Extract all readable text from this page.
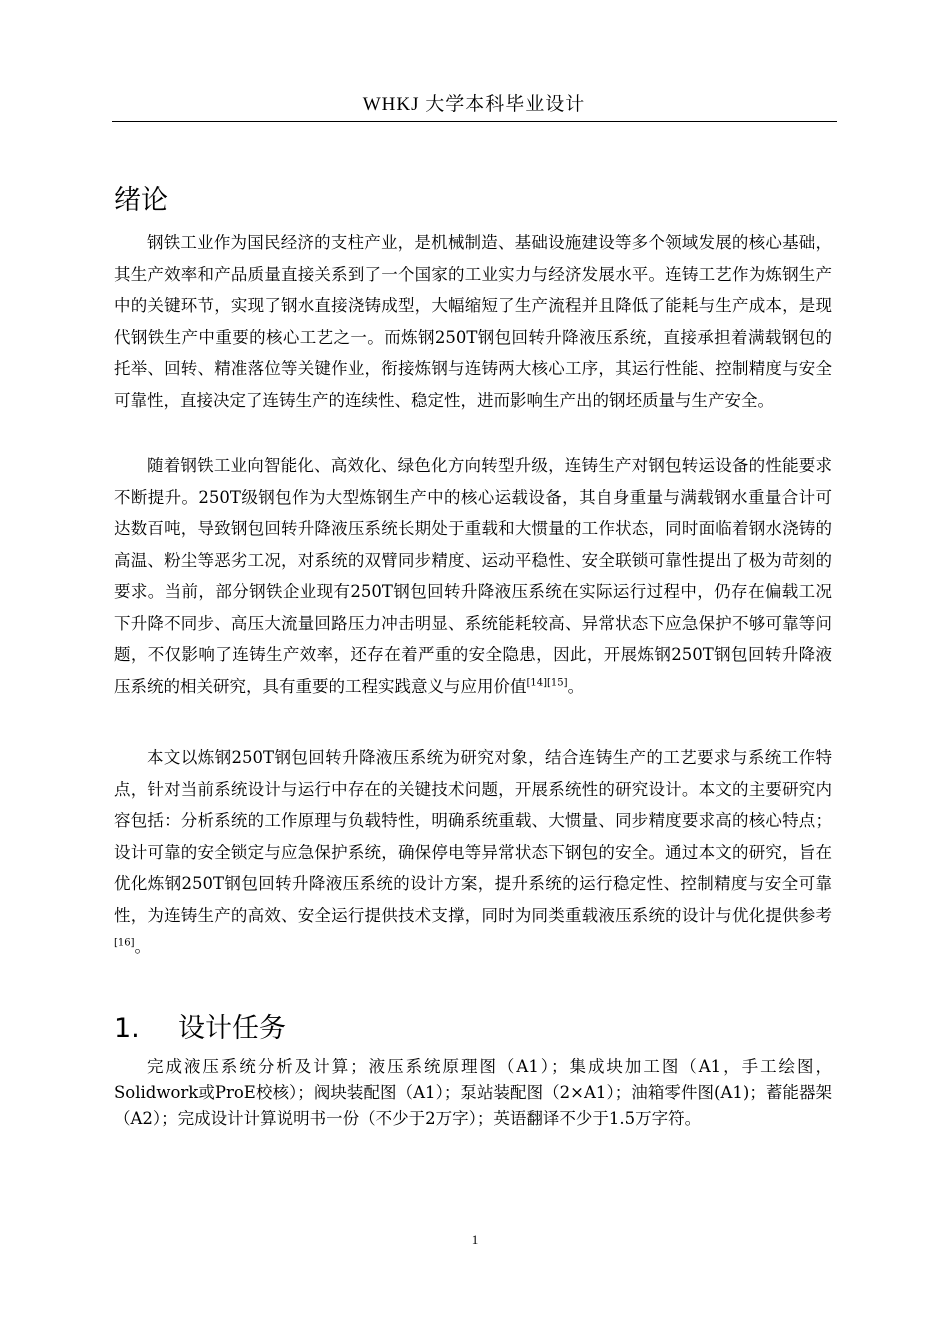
WHKJ 大学本科毕业设计
绪论

钢铁工业作为国民经济的支柱产业，是机械制造、基础设施建设等多个领域发展的核心基础，其生产效率和产品质量直接关系到了一个国家的工业实力与经济发展水平。连铸工艺作为炼钢生产中的关键环节，实现了钢水直接浇铸成型，大幅缩短了生产流程并且降低了能耗与生产成本，是现代钢铁生产中重要的核心工艺之一。而炼钢250T钢包回转升降液压系统，直接承担着满载钢包的托举、回转、精准落位等关键作业，衔接炼钢与连铸两大核心工序，其运行性能、控制精度与安全可靠性，直接决定了连铸生产的连续性、稳定性，进而影响生产出的钢坯质量与生产安全。

随着钢铁工业向智能化、高效化、绿色化方向转型升级，连铸生产对钢包转运设备的性能要求不断提升。250T级钢包作为大型炼钢生产中的核心运载设备，其自身重量与满载钢水重量合计可达数百吨，导致钢包回转升降液压系统长期处于重载和大惯量的工作状态，同时面临着钢水浇铸的高温、粉尘等恶劣工况，对系统的双臂同步精度、运动平稳性、安全联锁可靠性提出了极为苛刻的要求。当前，部分钢铁企业现有250T钢包回转升降液压系统在实际运行过程中，仍存在偏载工况下升降不同步、高压大流量回路压力冲击明显、系统能耗较高、异常状态下应急保护不够可靠等问题，不仅影响了连铸生产效率，还存在着严重的安全隐患，因此，开展炼钢250T钢包回转升降液压系统的相关研究，具有重要的工程实践意义与应用价值[14][15]。

本文以炼钢250T钢包回转升降液压系统为研究对象，结合连铸生产的工艺要求与系统工作特点，针对当前系统设计与运行中存在的关键技术问题，开展系统性的研究设计。本文的主要研究内容包括：分析系统的工作原理与负载特性，明确系统重载、大惯量、同步精度要求高的核心特点；设计可靠的安全锁定与应急保护系统，确保停电等异常状态下钢包的安全。通过本文的研究，旨在优化炼钢250T钢包回转升降液压系统的设计方案，提升系统的运行稳定性、控制精度与安全可靠性，为连铸生产的高效、安全运行提供技术支撑，同时为同类重载液压系统的设计与优化提供参考[16]。

1. 设计任务

完成液压系统分析及计算；液压系统原理图（A1）；集成块加工图（A1，手工绘图，Solidwork或ProE校核）；阀块装配图（A1）；泵站装配图（2×A1）；油箱零件图(A1)；蓄能器架（A2）；完成设计计算说明书一份（不少于2万字）；英语翻译不少于1.5万字符。

1
